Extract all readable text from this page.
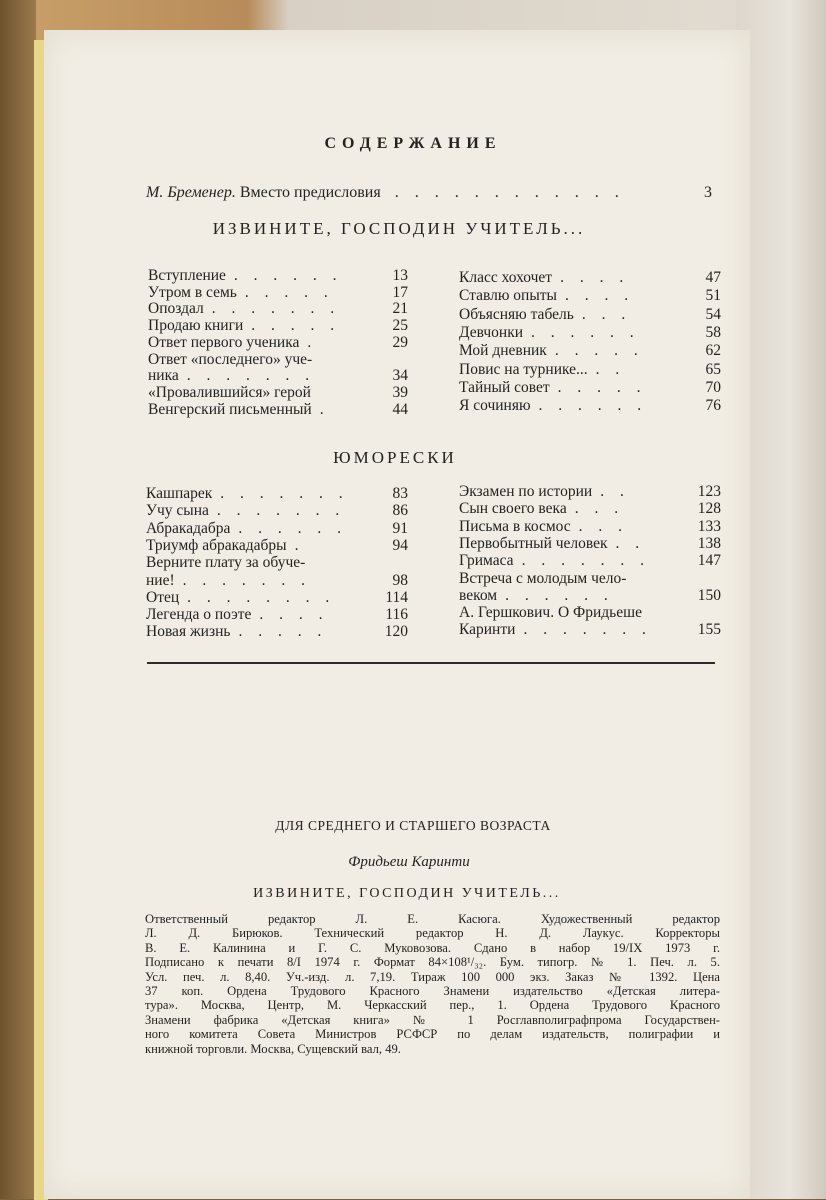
СОДЕРЖАНИЕ
М. Бременер. Вместо предисловия . . . . . . . . . . . .	3
ИЗВИНИТЕ, ГОСПОДИН УЧИТЕЛЬ...
Вступление . . . . . .	13
Утром в семь . . . . .	17
Опоздал . . . . . . .	21
Продаю книги . . . . .	25
Ответ первого ученика .	29
Ответ «последнего» уче-
ника . . . . . . .	34
«Провалившийся» герой	39
Венгерский письменный .	44
Класс хохочет . . . .	47
Ставлю опыты . . . .	51
Объясняю табель . . .	54
Девчонки . . . . . .	58
Мой дневник . . . . .	62
Повис на турнике... . .	65
Тайный совет . . . . .	70
Я сочиняю . . . . . .	76
ЮМОРЕСКИ
Кашпарек . . . . . . .	83
Учу сына . . . . . . .	86
Абракадабра . . . . . .	91
Триумф абракадабры .	94
Верните плату за обуче-
ние! . . . . . . .	98
Отец . . . . . . . .	114
Легенда о поэте . . . .	116
Новая жизнь . . . . .	120
Экзамен по истории . .	123
Сын своего века . . .	128
Письма в космос . . .	133
Первобытный человек . .	138
Гримаса . . . . . . .	147
Встреча с молодым чело-
веком . . . . . .	150
А. Гершкович. О Фридьеше
Каринти . . . . . . .	155
ДЛЯ СРЕДНЕГО И СТАРШЕГО ВОЗРАСТА
Фридьеш Каринти
ИЗВИНИТЕ, ГОСПОДИН УЧИТЕЛЬ...
Ответственный редактор Л. Е. Касюга. Художественный редактор
Л. Д. Бирюков. Технический редактор Н. Д. Лаукус. Корректоры
В. Е. Калинина и Г. С. Муковозова. Сдано в набор 19/IX 1973 г.
Подписано к печати 8/I 1974 г. Формат 84×108¹/₃₂. Бум. типогр. № 1. Печ. л. 5.
Усл. печ. л. 8,40. Уч.-изд. л. 7,19. Тираж 100 000 экз. Заказ № 1392. Цена
37 коп. Ордена Трудового Красного Знамени издательство «Детская литера-
тура». Москва, Центр, М. Черкасский пер., 1. Ордена Трудового Красного
Знамени фабрика «Детская книга» № 1 Росглавполиграфпрома Государствен-
ного комитета Совета Министров РСФСР по делам издательств, полиграфии и
книжной торговли. Москва, Сущевский вал, 49.
